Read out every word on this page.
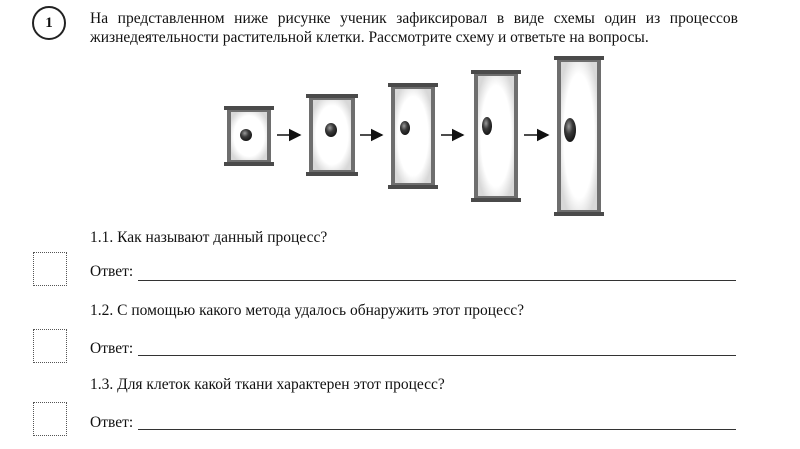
1 На представленном ниже рисунке ученик зафиксировал в виде схемы один из процессов жизнедеятельности растительной клетки. Рассмотрите схему и ответьте на вопросы.

1.1. Как называют данный процесс?

Ответ:

1.2. С помощью какого метода удалось обнаружить этот процесс?

Ответ:

1.3. Для клеток какой ткани характерен этот процесс?

Ответ:
